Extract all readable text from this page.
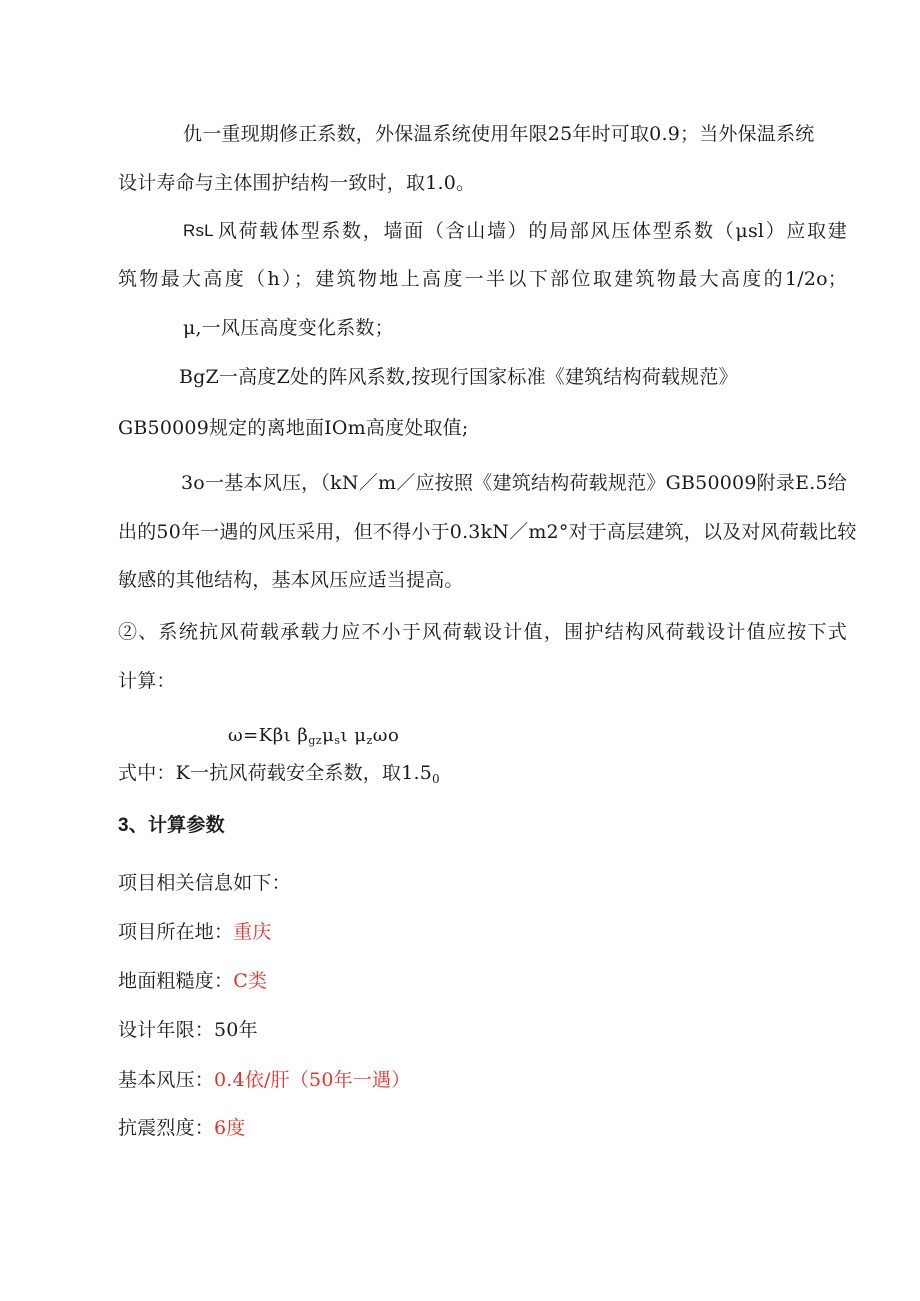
仇一重现期修正系数，外保温系统使用年限25年时可取0.9；当外保温系统
设计寿命与主体围护结构一致时，取1.0。
RsL 风荷载体型系数，墙面（含山墙）的局部风压体型系数（μsl）应取建
筑物最大高度（h）；建筑物地上高度一半以下部位取建筑物最大高度的1/2o；
μ,一风压高度变化系数；
BgZ一高度Z处的阵风系数,按现行国家标准《建筑结构荷载规范》
GB50009规定的离地面IOm高度处取值;
3o一基本风压，（kN／m／应按照《建筑结构荷载规范》GB50009附录E.5给
出的50年一遇的风压采用，但不得小于0.3kN／m2°对于高层建筑，以及对风荷载比较
敏感的其他结构，基本风压应适当提高。
②、系统抗风荷载承载力应不小于风荷载设计值，围护结构风荷载设计值应按下式
计算：
ω=Kβι $\beta_{gz}\mu_s\iota$ $\mu_z\omega o$
式中：K一抗风荷载安全系数，取$1.5_0$
3、计算参数
项目相关信息如下：
项目所在地：重庆
地面粗糙度：C类
设计年限：50年
基本风压：0.4依/肝（50年一遇）
抗震烈度：6度
